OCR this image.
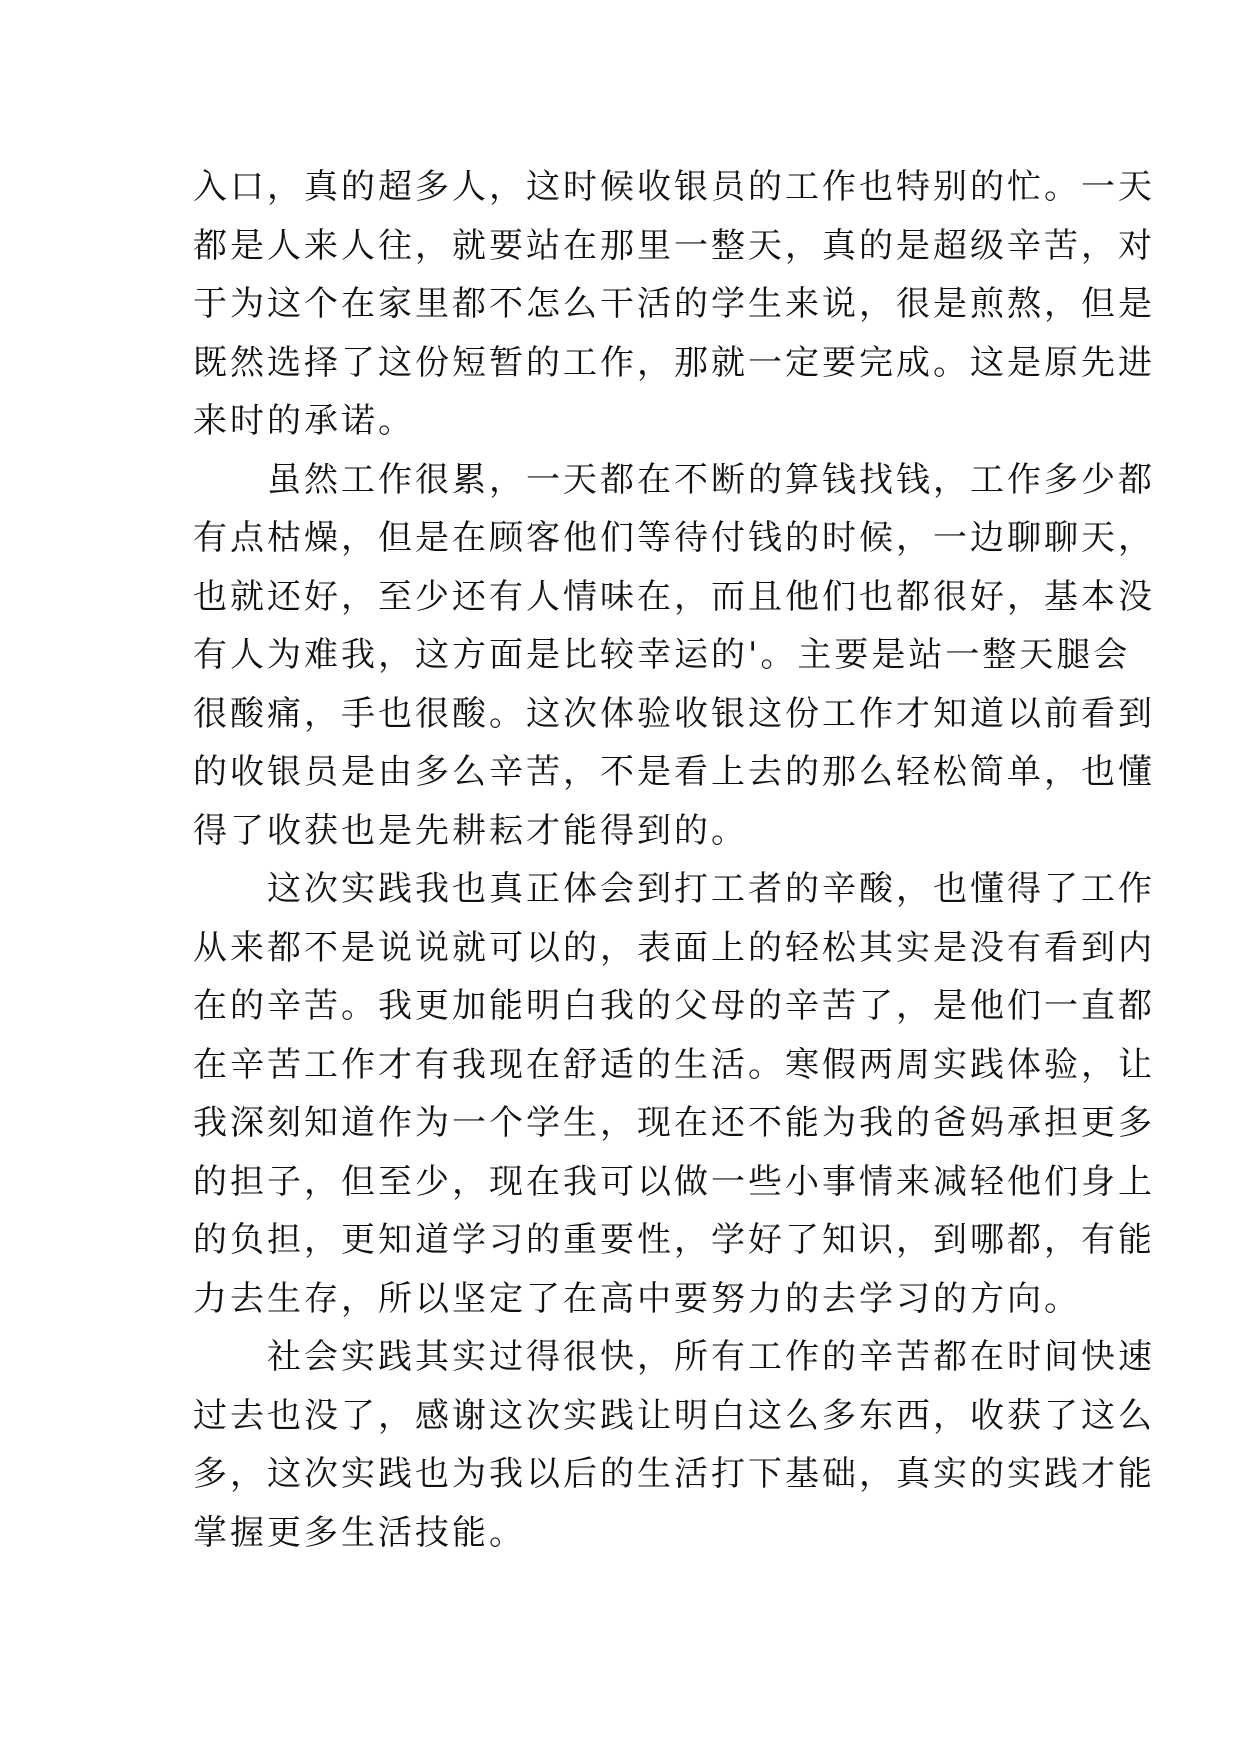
入口，真的超多人，这时候收银员的工作也特别的忙。一天
都是人来人往，就要站在那里一整天，真的是超级辛苦，对
于为这个在家里都不怎么干活的学生来说，很是煎熬，但是
既然选择了这份短暂的工作，那就一定要完成。这是原先进
来时的承诺。
　　虽然工作很累，一天都在不断的算钱找钱，工作多少都
有点枯燥，但是在顾客他们等待付钱的时候，一边聊聊天，
也就还好，至少还有人情味在，而且他们也都很好，基本没
有人为难我，这方面是比较幸运的'。主要是站一整天腿会
很酸痛，手也很酸。这次体验收银这份工作才知道以前看到
的收银员是由多么辛苦，不是看上去的那么轻松简单，也懂
得了收获也是先耕耘才能得到的。
　　这次实践我也真正体会到打工者的辛酸，也懂得了工作
从来都不是说说就可以的，表面上的轻松其实是没有看到内
在的辛苦。我更加能明白我的父母的辛苦了，是他们一直都
在辛苦工作才有我现在舒适的生活。寒假两周实践体验，让
我深刻知道作为一个学生，现在还不能为我的爸妈承担更多
的担子，但至少，现在我可以做一些小事情来减轻他们身上
的负担，更知道学习的重要性，学好了知识，到哪都，有能
力去生存，所以坚定了在高中要努力的去学习的方向。
　　社会实践其实过得很快，所有工作的辛苦都在时间快速
过去也没了，感谢这次实践让明白这么多东西，收获了这么
多，这次实践也为我以后的生活打下基础，真实的实践才能
掌握更多生活技能。
